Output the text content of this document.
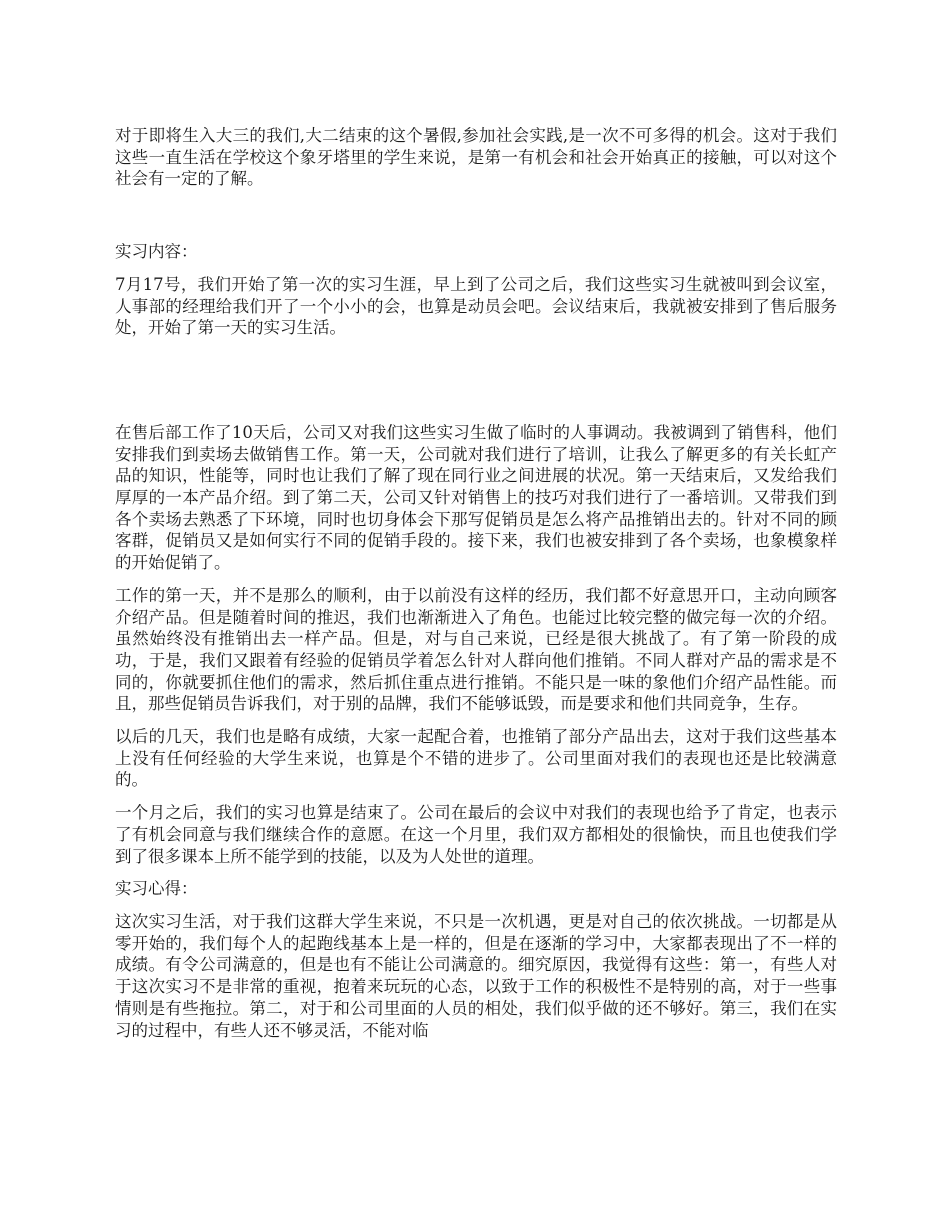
对于即将生入大三的我们,大二结束的这个暑假,参加社会实践,是一次不可多得的机会。这对于我们这些一直生活在学校这个象牙塔里的学生来说，是第一有机会和社会开始真正的接触，可以对这个社会有一定的了解。

实习内容：

7月17号，我们开始了第一次的实习生涯，早上到了公司之后，我们这些实习生就被叫到会议室，人事部的经理给我们开了一个小小的会，也算是动员会吧。会议结束后，我就被安排到了售后服务处，开始了第一天的实习生活。

在售后部工作了10天后，公司又对我们这些实习生做了临时的人事调动。我被调到了销售科，他们安排我们到卖场去做销售工作。第一天，公司就对我们进行了培训，让我么了解更多的有关长虹产品的知识，性能等，同时也让我们了解了现在同行业之间进展的状况。第一天结束后，又发给我们厚厚的一本产品介绍。到了第二天，公司又针对销售上的技巧对我们进行了一番培训。又带我们到各个卖场去熟悉了下环境，同时也切身体会下那写促销员是怎么将产品推销出去的。针对不同的顾客群，促销员又是如何实行不同的促销手段的。接下来，我们也被安排到了各个卖场，也象模象样的开始促销了。

工作的第一天，并不是那么的顺利，由于以前没有这样的经历，我们都不好意思开口，主动向顾客介绍产品。但是随着时间的推迟，我们也渐渐进入了角色。也能过比较完整的做完每一次的介绍。虽然始终没有推销出去一样产品。但是，对与自己来说，已经是很大挑战了。有了第一阶段的成功，于是，我们又跟着有经验的促销员学着怎么针对人群向他们推销。不同人群对产品的需求是不同的，你就要抓住他们的需求，然后抓住重点进行推销。不能只是一味的象他们介绍产品性能。而且，那些促销员告诉我们，对于别的品牌，我们不能够诋毁，而是要求和他们共同竞争，生存。

以后的几天，我们也是略有成绩，大家一起配合着，也推销了部分产品出去，这对于我们这些基本上没有任何经验的大学生来说，也算是个不错的进步了。公司里面对我们的表现也还是比较满意的。

一个月之后，我们的实习也算是结束了。公司在最后的会议中对我们的表现也给予了肯定，也表示了有机会同意与我们继续合作的意愿。在这一个月里，我们双方都相处的很愉快，而且也使我们学到了很多课本上所不能学到的技能，以及为人处世的道理。

实习心得：

这次实习生活，对于我们这群大学生来说，不只是一次机遇，更是对自己的依次挑战。一切都是从零开始的，我们每个人的起跑线基本上是一样的，但是在逐渐的学习中，大家都表现出了不一样的成绩。有令公司满意的，但是也有不能让公司满意的。细究原因，我觉得有这些：第一，有些人对于这次实习不是非常的重视，抱着来玩玩的心态，以致于工作的积极性不是特别的高，对于一些事情则是有些拖拉。第二，对于和公司里面的人员的相处，我们似乎做的还不够好。第三，我们在实习的过程中，有些人还不够灵活，不能对临
